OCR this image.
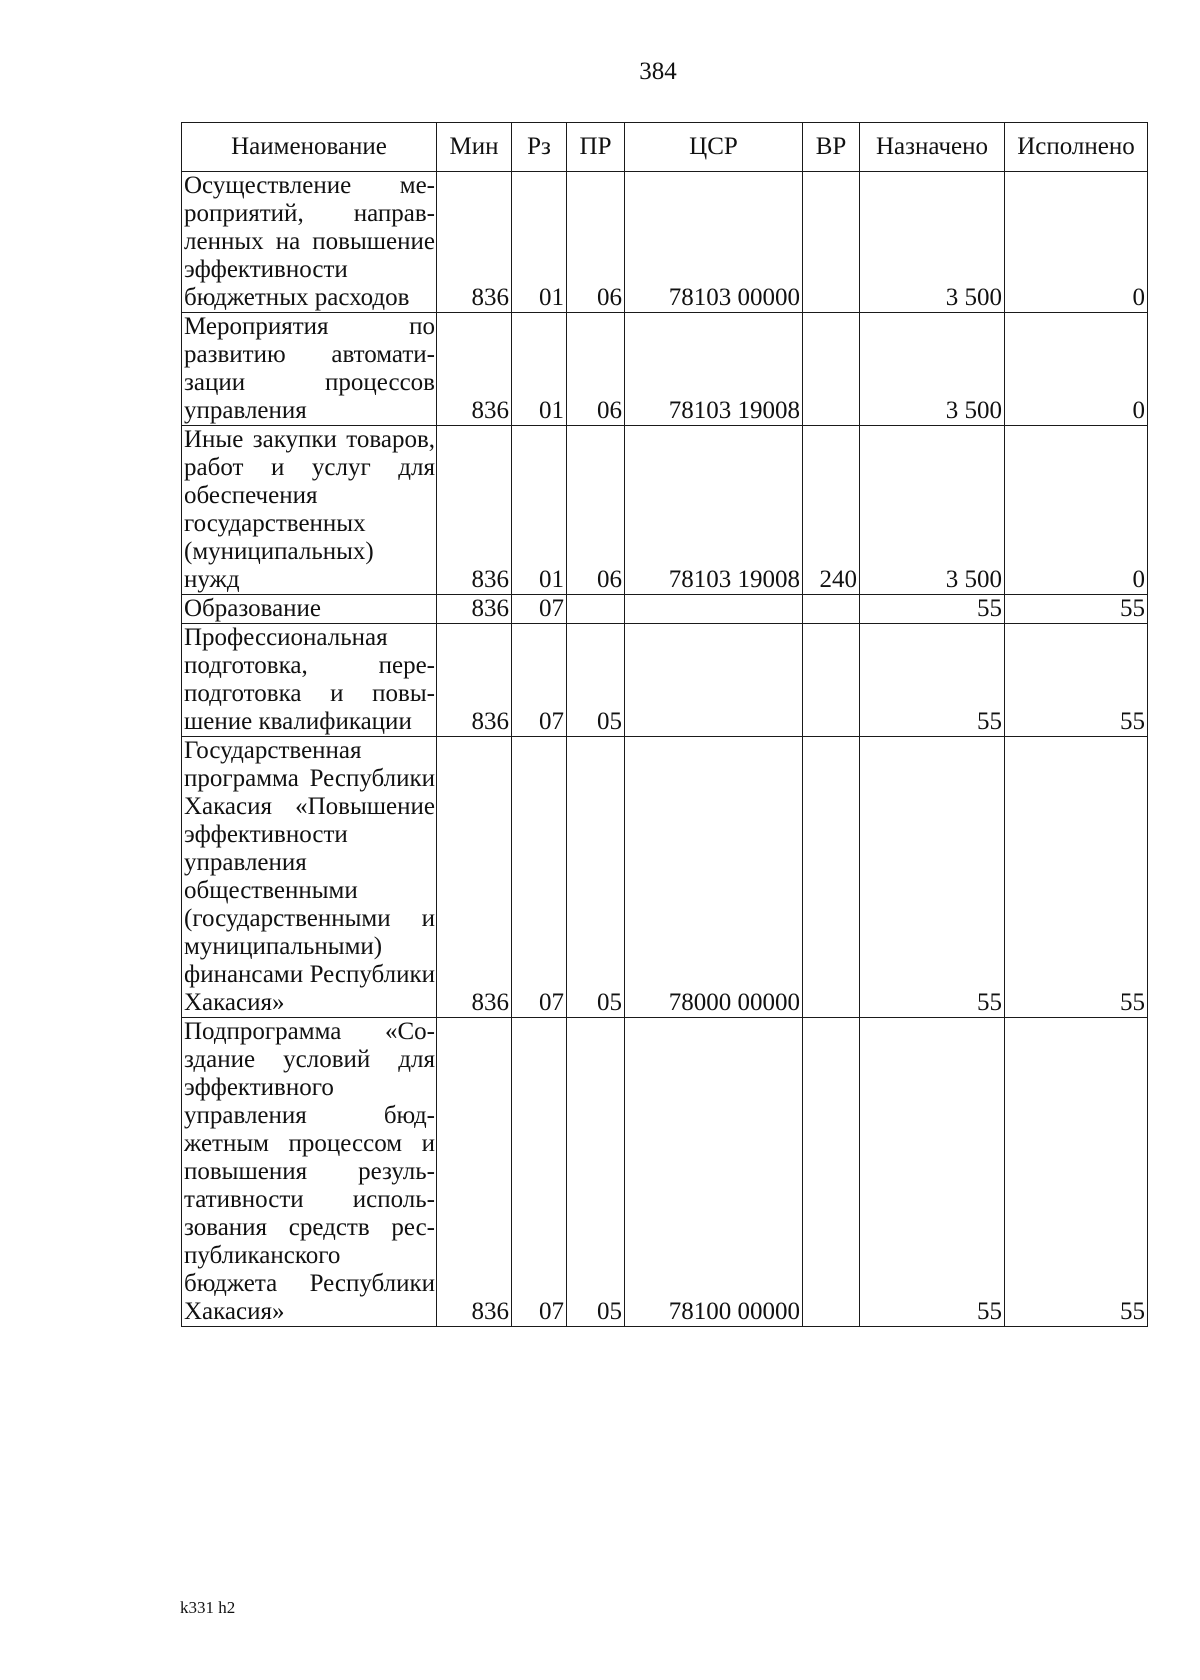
384
Наименование	Мин	Рз	ПР	ЦСР	ВР	Назначено	Исполнено
Осуществление мероприятий, направленных на повышение эффективности бюджетных расходов	836	01	06	78103 00000		3 500	0
Мероприятия по развитию автоматизации процессов управления	836	01	06	78103 19008		3 500	0
Иные закупки товаров, работ и услуг для обеспечения государственных (муниципальных) нужд	836	01	06	78103 19008	240	3 500	0
Образование	836	07				55	55
Профессиональная подготовка, переподготовка и повышение квалификации	836	07	05			55	55
Государственная программа Республики Хакасия «Повышение эффективности управления общественными (государственными и муниципальными) финансами Республики Хакасия»	836	07	05	78000 00000		55	55
Подпрограмма «Создание условий для эффективного управления бюджетным процессом и повышения результативности использования средств республиканского бюджета Республики Хакасия»	836	07	05	78100 00000		55	55
k331 h2
